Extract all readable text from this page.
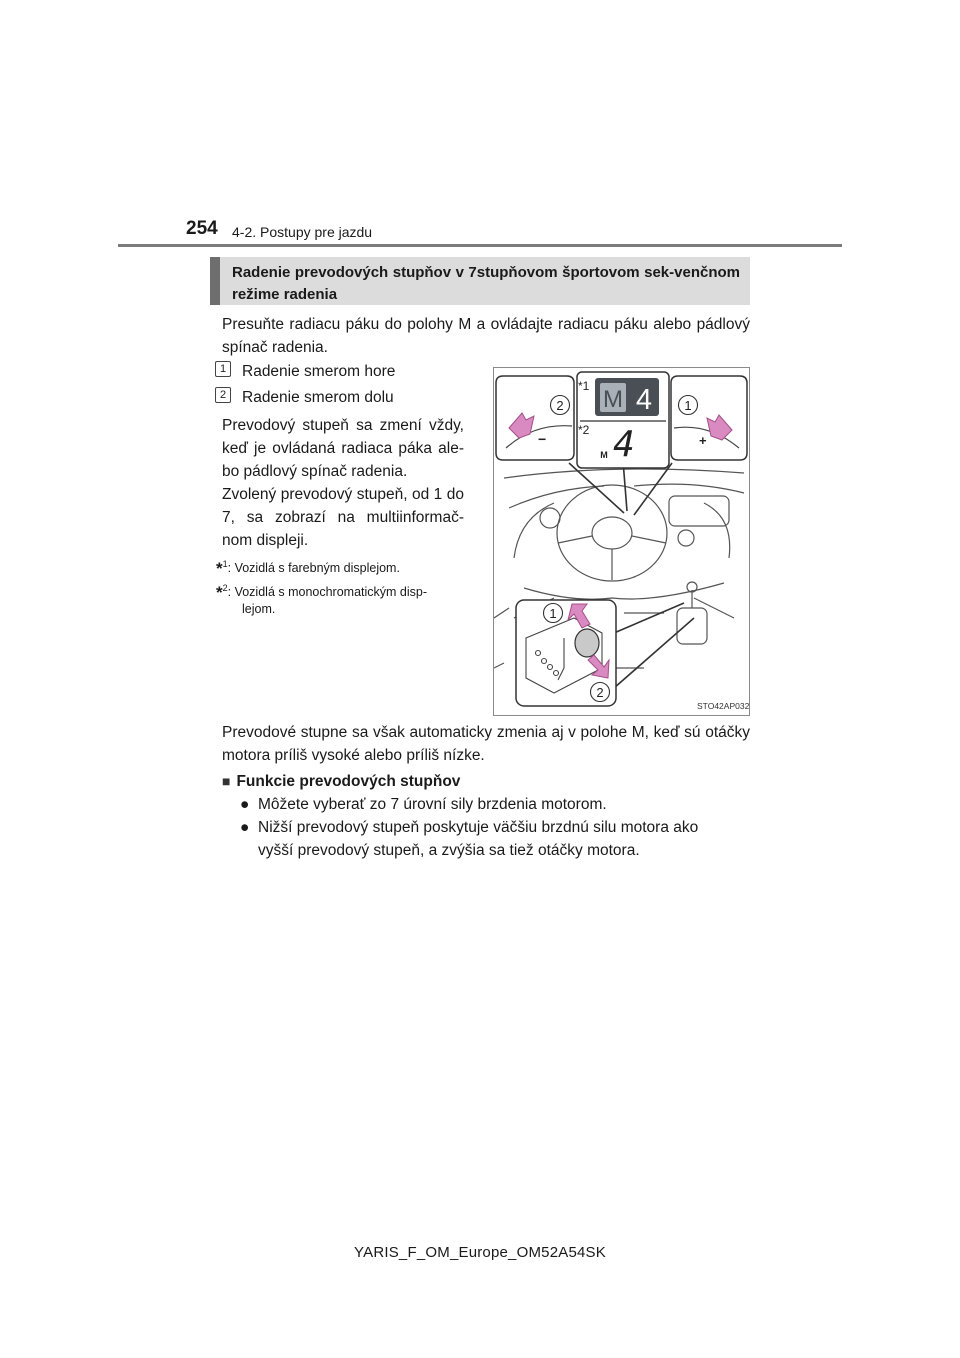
254 4-2. Postupy pre jazdu
Radenie prevodových stupňov v 7stupňovom športovom sek-venčnom režime radenia
Presuňte radiacu páku do polohy M a ovládajte radiacu páku alebo pádlový spínač radenia.
1	Radenie smerom hore
2	Radenie smerom dolu
Prevodový stupeň sa zmení vždy, keď je ovládaná radiaca páka ale-bo pádlový spínač radenia.
Zvolený prevodový stupeň, od 1 do 7, sa zobrazí na multiinformač-nom displeji.
*$^1$: Vozidlá s farebným displejom.
*$^2$: Vozidlá s monochromatickým disp-
lejom.
−
2
+
1
*1 M 4
*2 4
M
1
2
STO42AP032
Prevodové stupne sa však automaticky zmenia aj v polohe M, keď sú otáčky motora príliš vysoké alebo príliš nízke.
■ Funkcie prevodových stupňov
● Môžete vyberať zo 7 úrovní sily brzdenia motorom.
● Nižší prevodový stupeň poskytuje väčšiu brzdnú silu motora ako
vyšší prevodový stupeň, a zvýšia sa tiež otáčky motora.
YARIS_F_OM_Europe_OM52A54SK
